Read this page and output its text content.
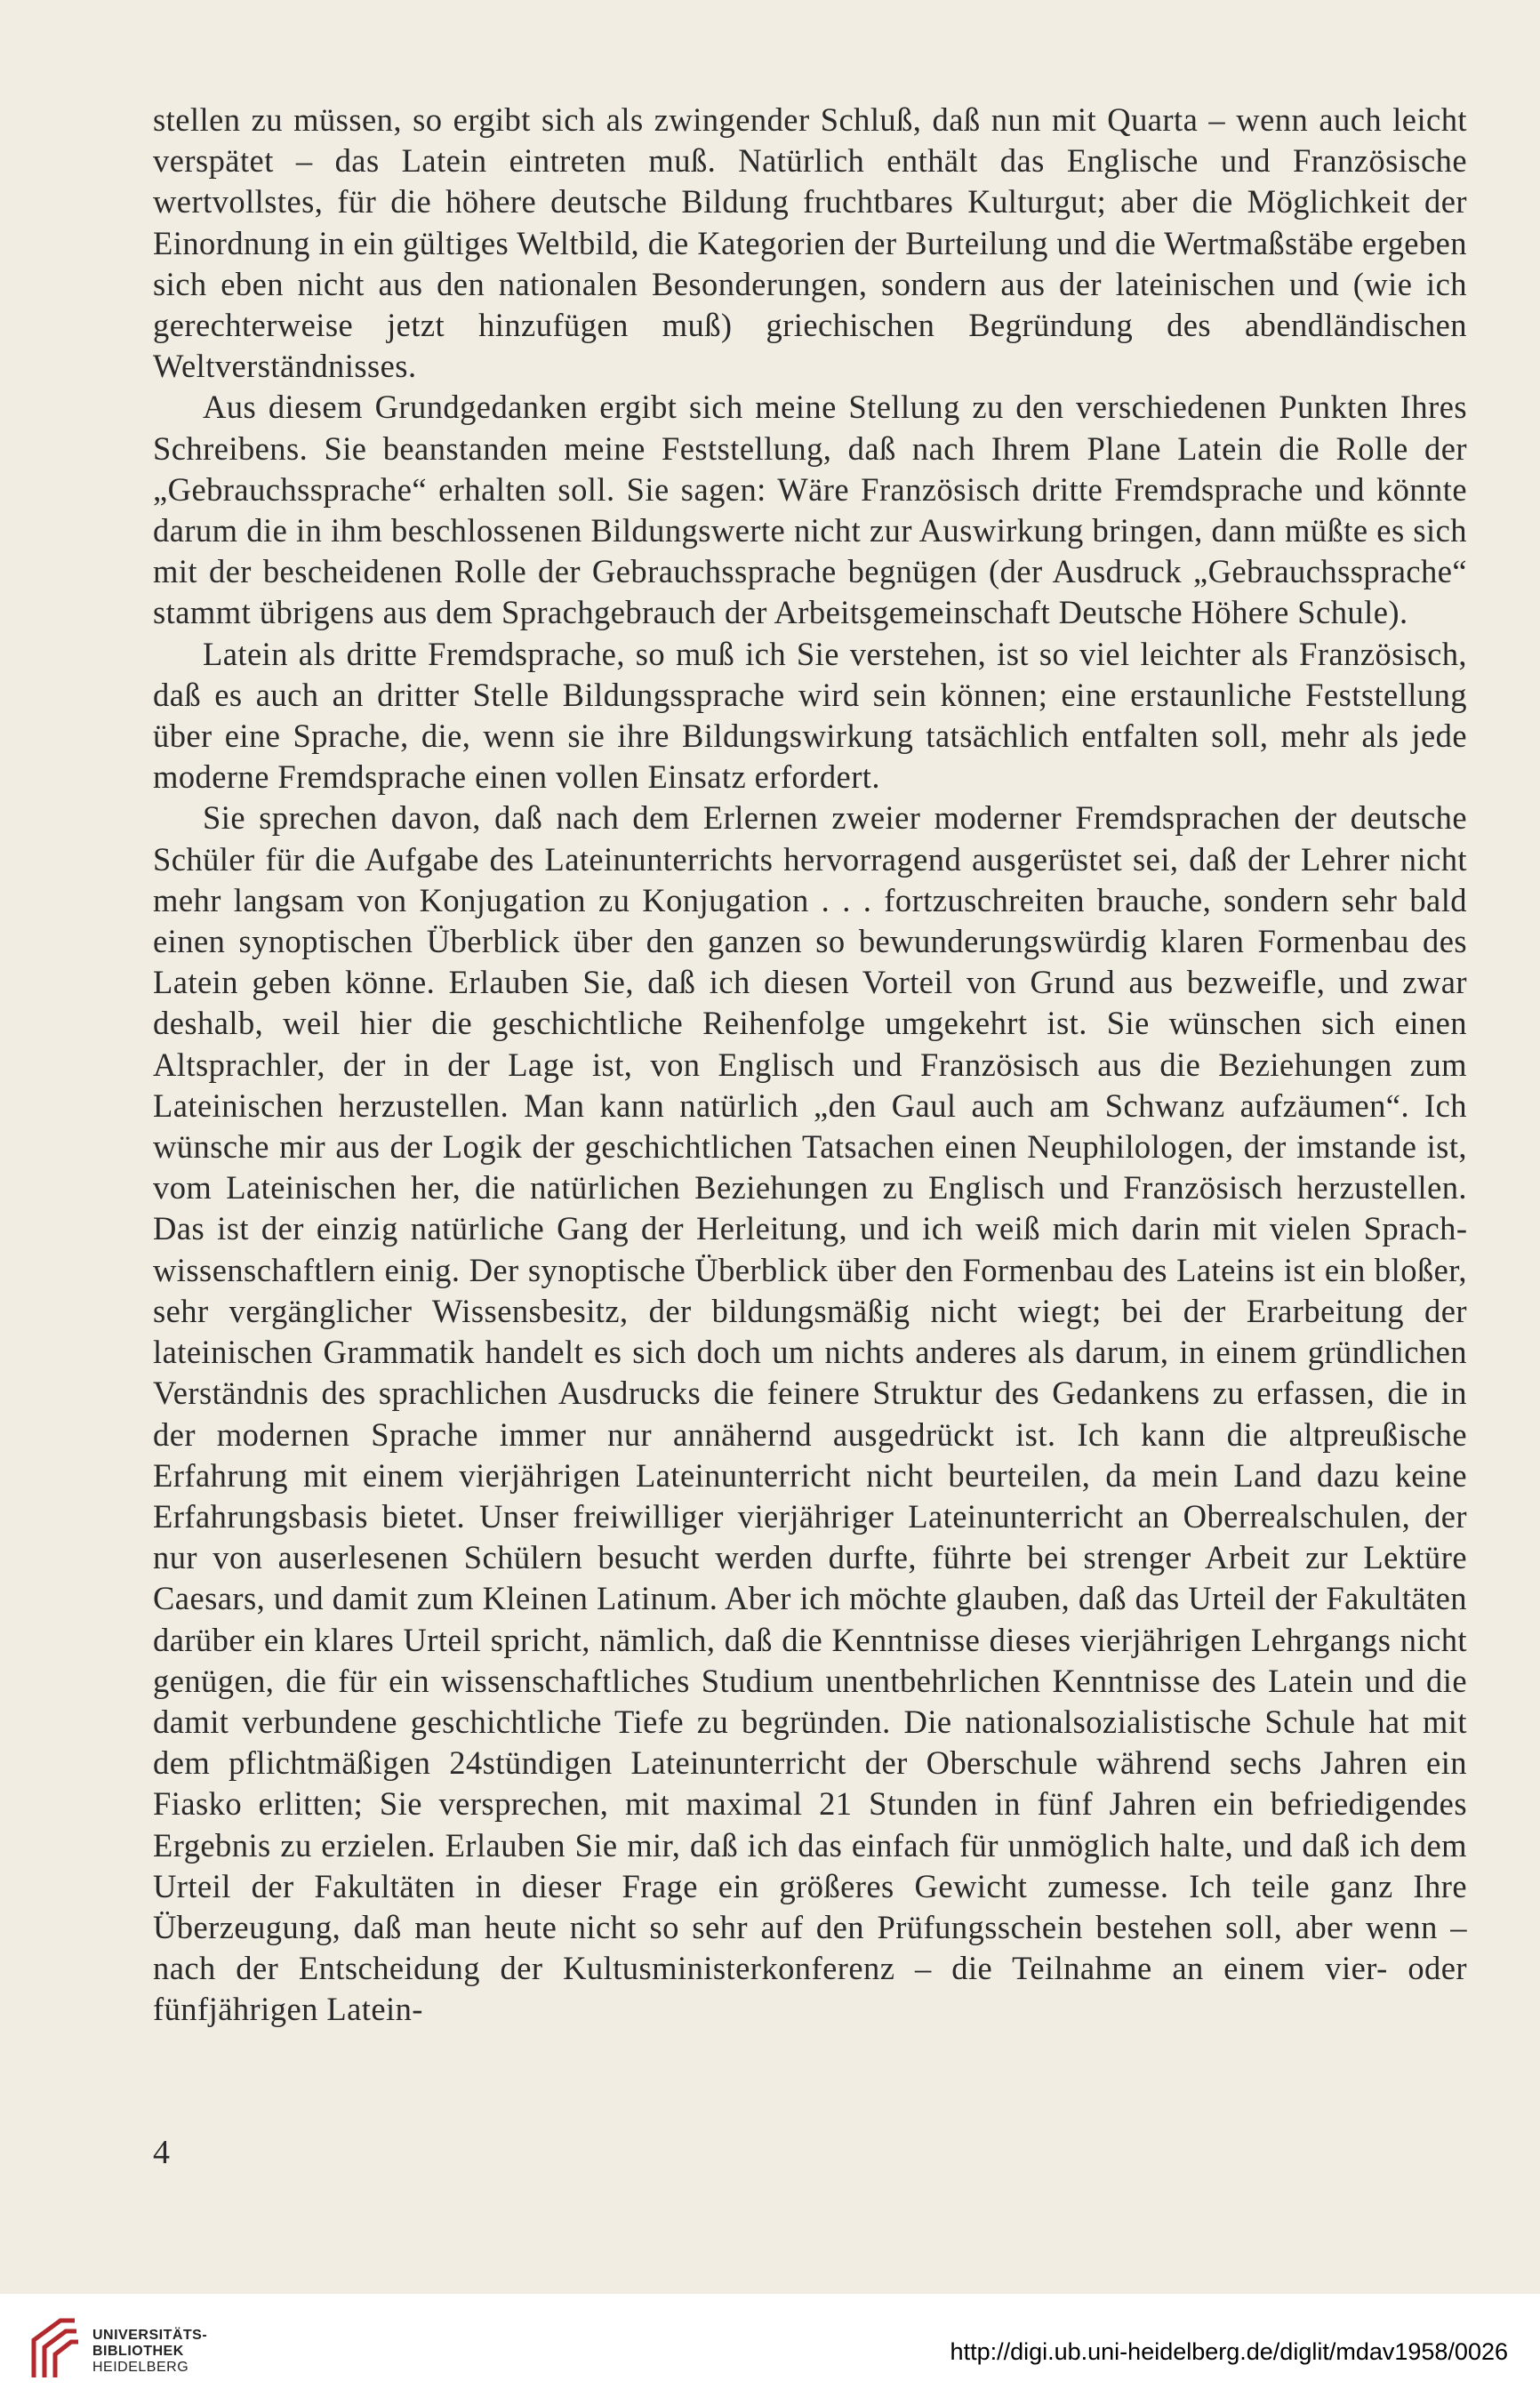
stellen zu müssen, so ergibt sich als zwingender Schluß, daß nun mit Quarta – wenn auch leicht verspätet – das Latein eintreten muß. Natürlich enthält das Englische und Französische wertvollstes, für die höhere deutsche Bildung fruchtbares Kulturgut; aber die Möglichkeit der Einordnung in ein gültiges Weltbild, die Kategorien der Burteilung und die Wertmaßstäbe ergeben sich eben nicht aus den nationalen Besonderungen, sondern aus der lateinischen und (wie ich gerechterweise jetzt hinzufügen muß) griechischen Begründung des abendländischen Weltverständnisses.

Aus diesem Grundgedanken ergibt sich meine Stellung zu den verschiedenen Punkten Ihres Schreibens. Sie beanstanden meine Feststellung, daß nach Ihrem Plane Latein die Rolle der „Gebrauchssprache“ erhalten soll. Sie sagen: Wäre Französisch dritte Fremdsprache und könnte darum die in ihm beschlossenen Bildungswerte nicht zur Auswirkung bringen, dann müßte es sich mit der bescheidenen Rolle der Gebrauchssprache begnügen (der Ausdruck „Gebrauchssprache“ stammt übrigens aus dem Sprachgebrauch der Arbeitsgemeinschaft Deutsche Höhere Schule).

Latein als dritte Fremdsprache, so muß ich Sie verstehen, ist so viel leichter als Französisch, daß es auch an dritter Stelle Bildungssprache wird sein können; eine erstaunliche Feststellung über eine Sprache, die, wenn sie ihre Bildungswirkung tatsächlich entfalten soll, mehr als jede moderne Fremdsprache einen vollen Einsatz erfordert.

Sie sprechen davon, daß nach dem Erlernen zweier moderner Fremdsprachen der deutsche Schüler für die Aufgabe des Lateinunterrichts hervorragend ausgerüstet sei, daß der Lehrer nicht mehr langsam von Konjugation zu Konjugation . . . fortzuschreiten brauche, sondern sehr bald einen synoptischen Überblick über den ganzen so bewunderungswürdig klaren Formenbau des Latein geben könne. Erlauben Sie, daß ich diesen Vorteil von Grund aus bezweifle, und zwar deshalb, weil hier die geschichtliche Reihenfolge umgekehrt ist. Sie wünschen sich einen Altsprachler, der in der Lage ist, von Englisch und Französisch aus die Beziehungen zum Lateinischen herzustellen. Man kann natürlich „den Gaul auch am Schwanz aufzäumen“. Ich wünsche mir aus der Logik der geschichtlichen Tatsachen einen Neuphilologen, der imstande ist, vom Lateinischen her, die natürlichen Beziehungen zu Englisch und Französisch herzustellen. Das ist der einzig natürliche Gang der Herleitung, und ich weiß mich darin mit vielen Sprachwissenschaftlern einig. Der synoptische Überblick über den Formenbau des Lateins ist ein bloßer, sehr vergänglicher Wissensbesitz, der bildungsmäßig nicht wiegt; bei der Erarbeitung der lateinischen Grammatik handelt es sich doch um nichts anderes als darum, in einem gründlichen Verständnis des sprachlichen Ausdrucks die feinere Struktur des Gedankens zu erfassen, die in der modernen Sprache immer nur annähernd ausgedrückt ist. Ich kann die altpreußische Erfahrung mit einem vierjährigen Lateinunterricht nicht beurteilen, da mein Land dazu keine Erfahrungsbasis bietet. Unser freiwilliger vierjähriger Lateinunterricht an Oberrealschulen, der nur von auserlesenen Schülern besucht werden durfte, führte bei strenger Arbeit zur Lektüre Caesars, und damit zum Kleinen Latinum. Aber ich möchte glauben, daß das Urteil der Fakultäten darüber ein klares Urteil spricht, nämlich, daß die Kenntnisse dieses vierjährigen Lehrgangs nicht genügen, die für ein wissenschaftliches Studium unentbehrlichen Kenntnisse des Latein und die damit verbundene geschichtliche Tiefe zu begründen. Die nationalsozialistische Schule hat mit dem pflichtmäßigen 24stündigen Lateinunterricht der Oberschule während sechs Jahren ein Fiasko erlitten; Sie versprechen, mit maximal 21 Stunden in fünf Jahren ein befriedigendes Ergebnis zu erzielen. Erlauben Sie mir, daß ich das einfach für unmöglich halte, und daß ich dem Urteil der Fakultäten in dieser Frage ein größeres Gewicht zumesse. Ich teile ganz Ihre Überzeugung, daß man heute nicht so sehr auf den Prüfungsschein bestehen soll, aber wenn – nach der Entscheidung der Kultusministerkonferenz – die Teilnahme an einem vier- oder fünfjährigen Latein-

4
UNIVERSITÄTS-
BIBLIOTHEK
HEIDELBERG
http://digi.ub.uni-heidelberg.de/diglit/mdav1958/0026
